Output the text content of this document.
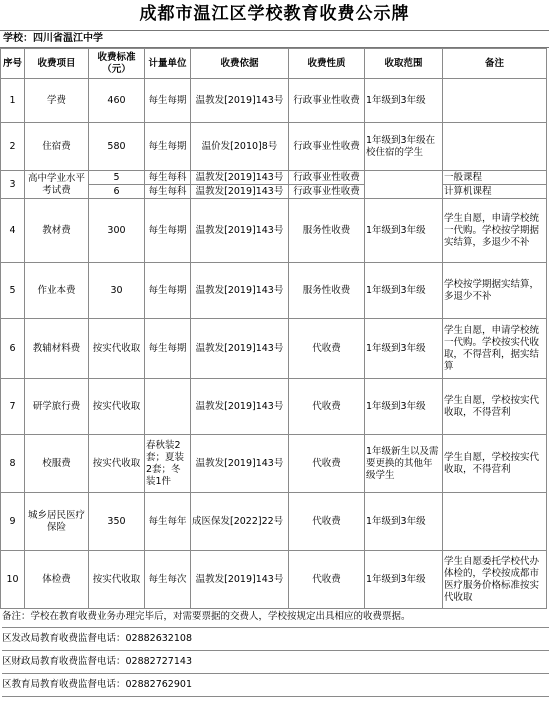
成都市温江区学校教育收费公示牌
学校：四川省温江中学
序号	收费项目	收费标准（元）	计量单位	收费依据	收费性质	收取范围	备注
1	学费	460	每生每期	温教发[2019]143号	行政事业性收费	1年级到3年级	
2	住宿费	580	每生每期	温价发[2010]8号	行政事业性收费	1年级到3年级在校住宿的学生	
3	高中学业水平考试费	5	每生每科	温教发[2019]143号	行政事业性收费		一般课程
		6	每生每科	温教发[2019]143号	行政事业性收费		计算机课程
4	教材费	300	每生每期	温教发[2019]143号	服务性收费	1年级到3年级	学生自愿，申请学校统一代购。学校按学期据实结算，多退少不补
5	作业本费	30	每生每期	温教发[2019]143号	服务性收费	1年级到3年级	学校按学期据实结算，多退少不补
6	教辅材料费	按实代收取	每生每期	温教发[2019]143号	代收费	1年级到3年级	学生自愿，申请学校统一代购。学校按实代收取，不得营利，据实结算
7	研学旅行费	按实代收取		温教发[2019]143号	代收费	1年级到3年级	学生自愿，学校按实代收取，不得营利
8	校服费	按实代收取	春秋装2套；夏装2套；冬装1件	温教发[2019]143号	代收费	1年级新生以及需要更换的其他年级学生	学生自愿，学校按实代收取，不得营利
9	城乡居民医疗保险	350	每生每年	成医保发[2022]22号	代收费	1年级到3年级	
10	体检费	按实代收取	每生每次	温教发[2019]143号	代收费	1年级到3年级	学生自愿委托学校代办体检的，学校按成都市医疗服务价格标准按实代收取
备注：学校在教育收费业务办理完毕后，对需要票据的交费人，学校按规定出具相应的收费票据。
区发改局教育收费监督电话：02882632108
区财政局教育收费监督电话：02882727143
区教育局教育收费监督电话：02882762901
